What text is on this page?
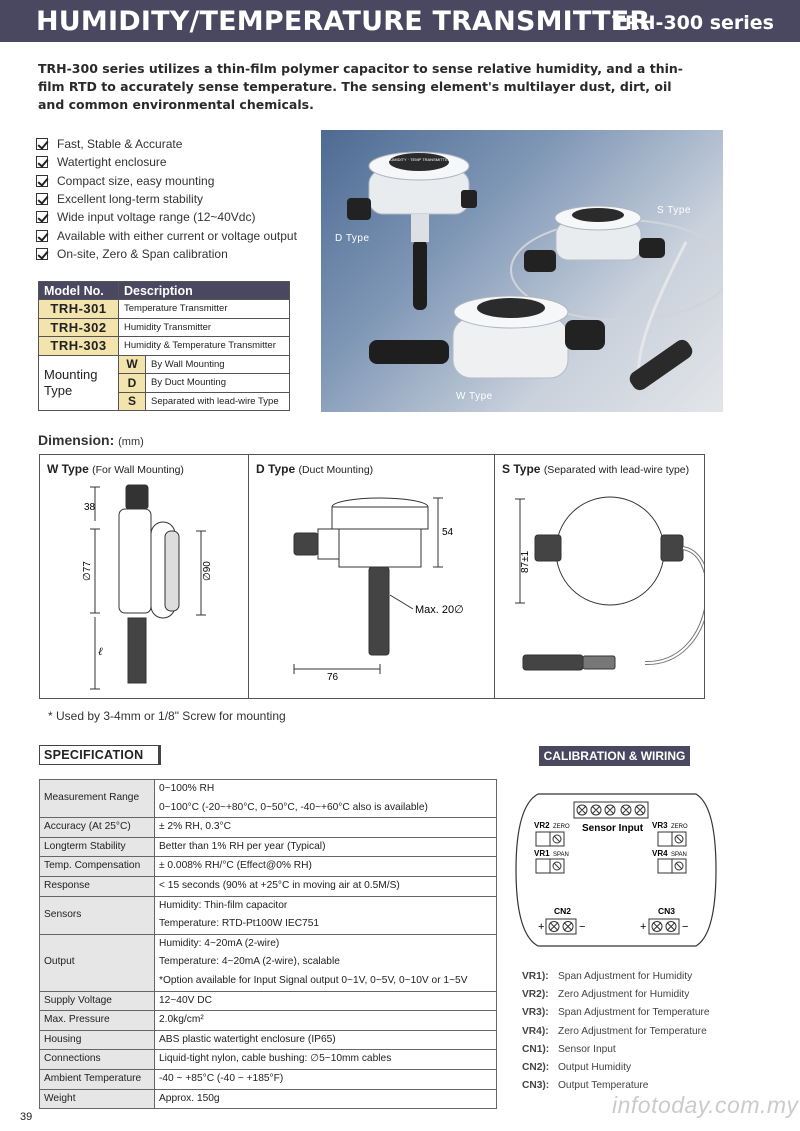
HUMIDITY/TEMPERATURE TRANSMITTER
TRH-300 series
TRH-300 series utilizes a thin-film polymer capacitor to sense relative humidity, and a thin-film RTD to accurately sense temperature. The sensing element's multilayer dust, dirt, oil and common environmental chemicals.
Fast, Stable & Accurate
Watertight enclosure
Compact size, easy mounting
Excellent long-term stability
Wide input voltage range (12~40Vdc)
Available with either current or voltage output
On-site, Zero & Span calibration
Model No.	Description	
TRH-301	Temperature Transmitter	
TRH-302	Humidity Transmitter	
TRH-303	Humidity & Temperature Transmitter	
Mounting Type	W	By Wall Mounting
	D	By Duct Mounting
	S	Separated with lead-wire Type
HUMIDITY · TEMP TRANSMITTER
D Type
S Type
W Type
Dimension: (mm)
W Type (For Wall Mounting)
38
∅77	∅90
ℓ
D Type (Duct Mounting)
54
Max. 20∅
76
S Type (Separated with lead-wire type)
87±1
* Used by 3-4mm or 1/8" Screw for mounting
SPECIFICATION
Measurement Range	0~100% RH
0~100°C (-20~+80°C, 0~50°C, -40~+60°C also is available)

Accuracy (At 25°C)	± 2% RH, 0.3°C
Longterm Stability	Better than 1% RH per year (Typical)
Temp. Compensation	± 0.008% RH/°C (Effect@0% RH)
Response	< 15 seconds (90% at +25°C in moving air at 0.5M/S)
Sensors	Humidity: Thin-film capacitor
Temperature: RTD-Pt100W IEC751

Output	Humidity: 4~20mA (2-wire)
Temperature: 4~20mA (2-wire), scalable
*Option available for Input Signal output 0~1V, 0~5V, 0~10V or 1~5V

Supply Voltage	12~40V DC
Max. Pressure	2.0kg/cm²
Housing	ABS plastic watertight enclosure (IP65)
Connections	Liquid-tight nylon, cable bushing: ∅5~10mm cables
Ambient Temperature	-40 ~ +85°C (-40 ~ +185°F)
Weight	Approx. 150g
CALIBRATION & WIRING
Sensor Input
VR2 ZERO	VR3 ZERO
VR1 SPAN	VR4 SPAN
CN2
+	−
CN3
+	−
VR1): Span Adjustment for Humidity
VR2): Zero Adjustment for Humidity
VR3): Span Adjustment for Temperature
VR4): Zero Adjustment for Temperature
CN1): Sensor Input
CN2): Output Humidity
CN3): Output Temperature
39	infotoday.com.my
